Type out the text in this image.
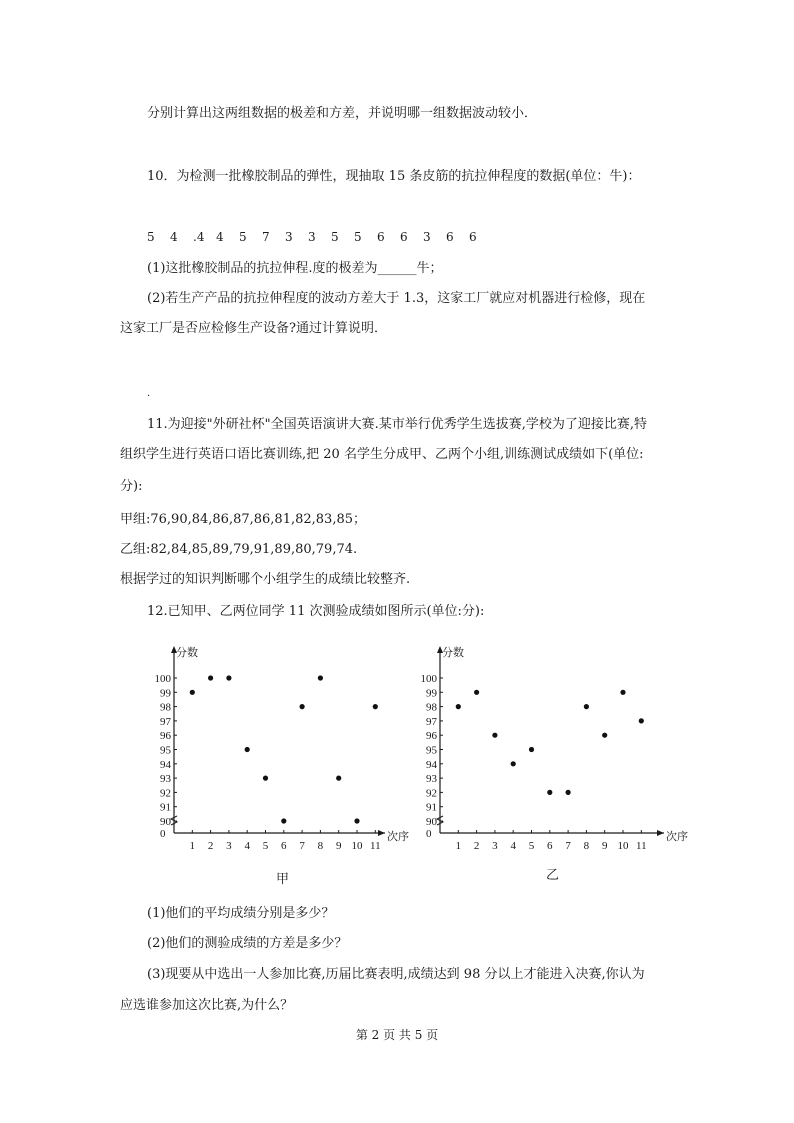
分别计算出这两组数据的极差和方差，并说明哪一组数据波动较小．
10．为检测一批橡胶制品的弹性，现抽取 15 条皮筋的抗拉伸程度的数据(单位：牛)：
5 4 .4 4 5 7 3 3 5 5 6 6 3 6 6
(1)这批橡胶制品的抗拉伸程.度的极差为______牛；
(2)若生产产品的抗拉伸程度的波动方差大于 1.3，这家工厂就应对机器进行检修，现在
这家工厂是否应检修生产设备?通过计算说明．
.
11.为迎接"外研社杯"全国英语演讲大赛.某市举行优秀学生选拔赛,学校为了迎接比赛,特
组织学生进行英语口语比赛训练,把 20 名学生分成甲、乙两个小组,训练测试成绩如下(单位:
分):
甲组:76,90,84,86,87,86,81,82,83,85；
乙组:82,84,85,89,79,91,89,80,79,74.
根据学过的知识判断哪个小组学生的成绩比较整齐.
12.已知甲、乙两位同学 11 次测验成绩如图所示(单位:分):
分数
次序
0
90
91
92
93
94
95
96
97
98
99
100
1 2 3 4 5 6 7 8 9 10 11
分数
次序
0
90
91
92
93
94
95
96
97
98
99
100
1 2 3 4 5 6 7 8 9 10 11
甲	乙
(1)他们的平均成绩分别是多少？
(2)他们的测验成绩的方差是多少？
(3)现要从中选出一人参加比赛,历届比赛表明,成绩达到 98 分以上才能进入决赛,你认为
应选谁参加这次比赛,为什么？
第 2 页 共 5 页
